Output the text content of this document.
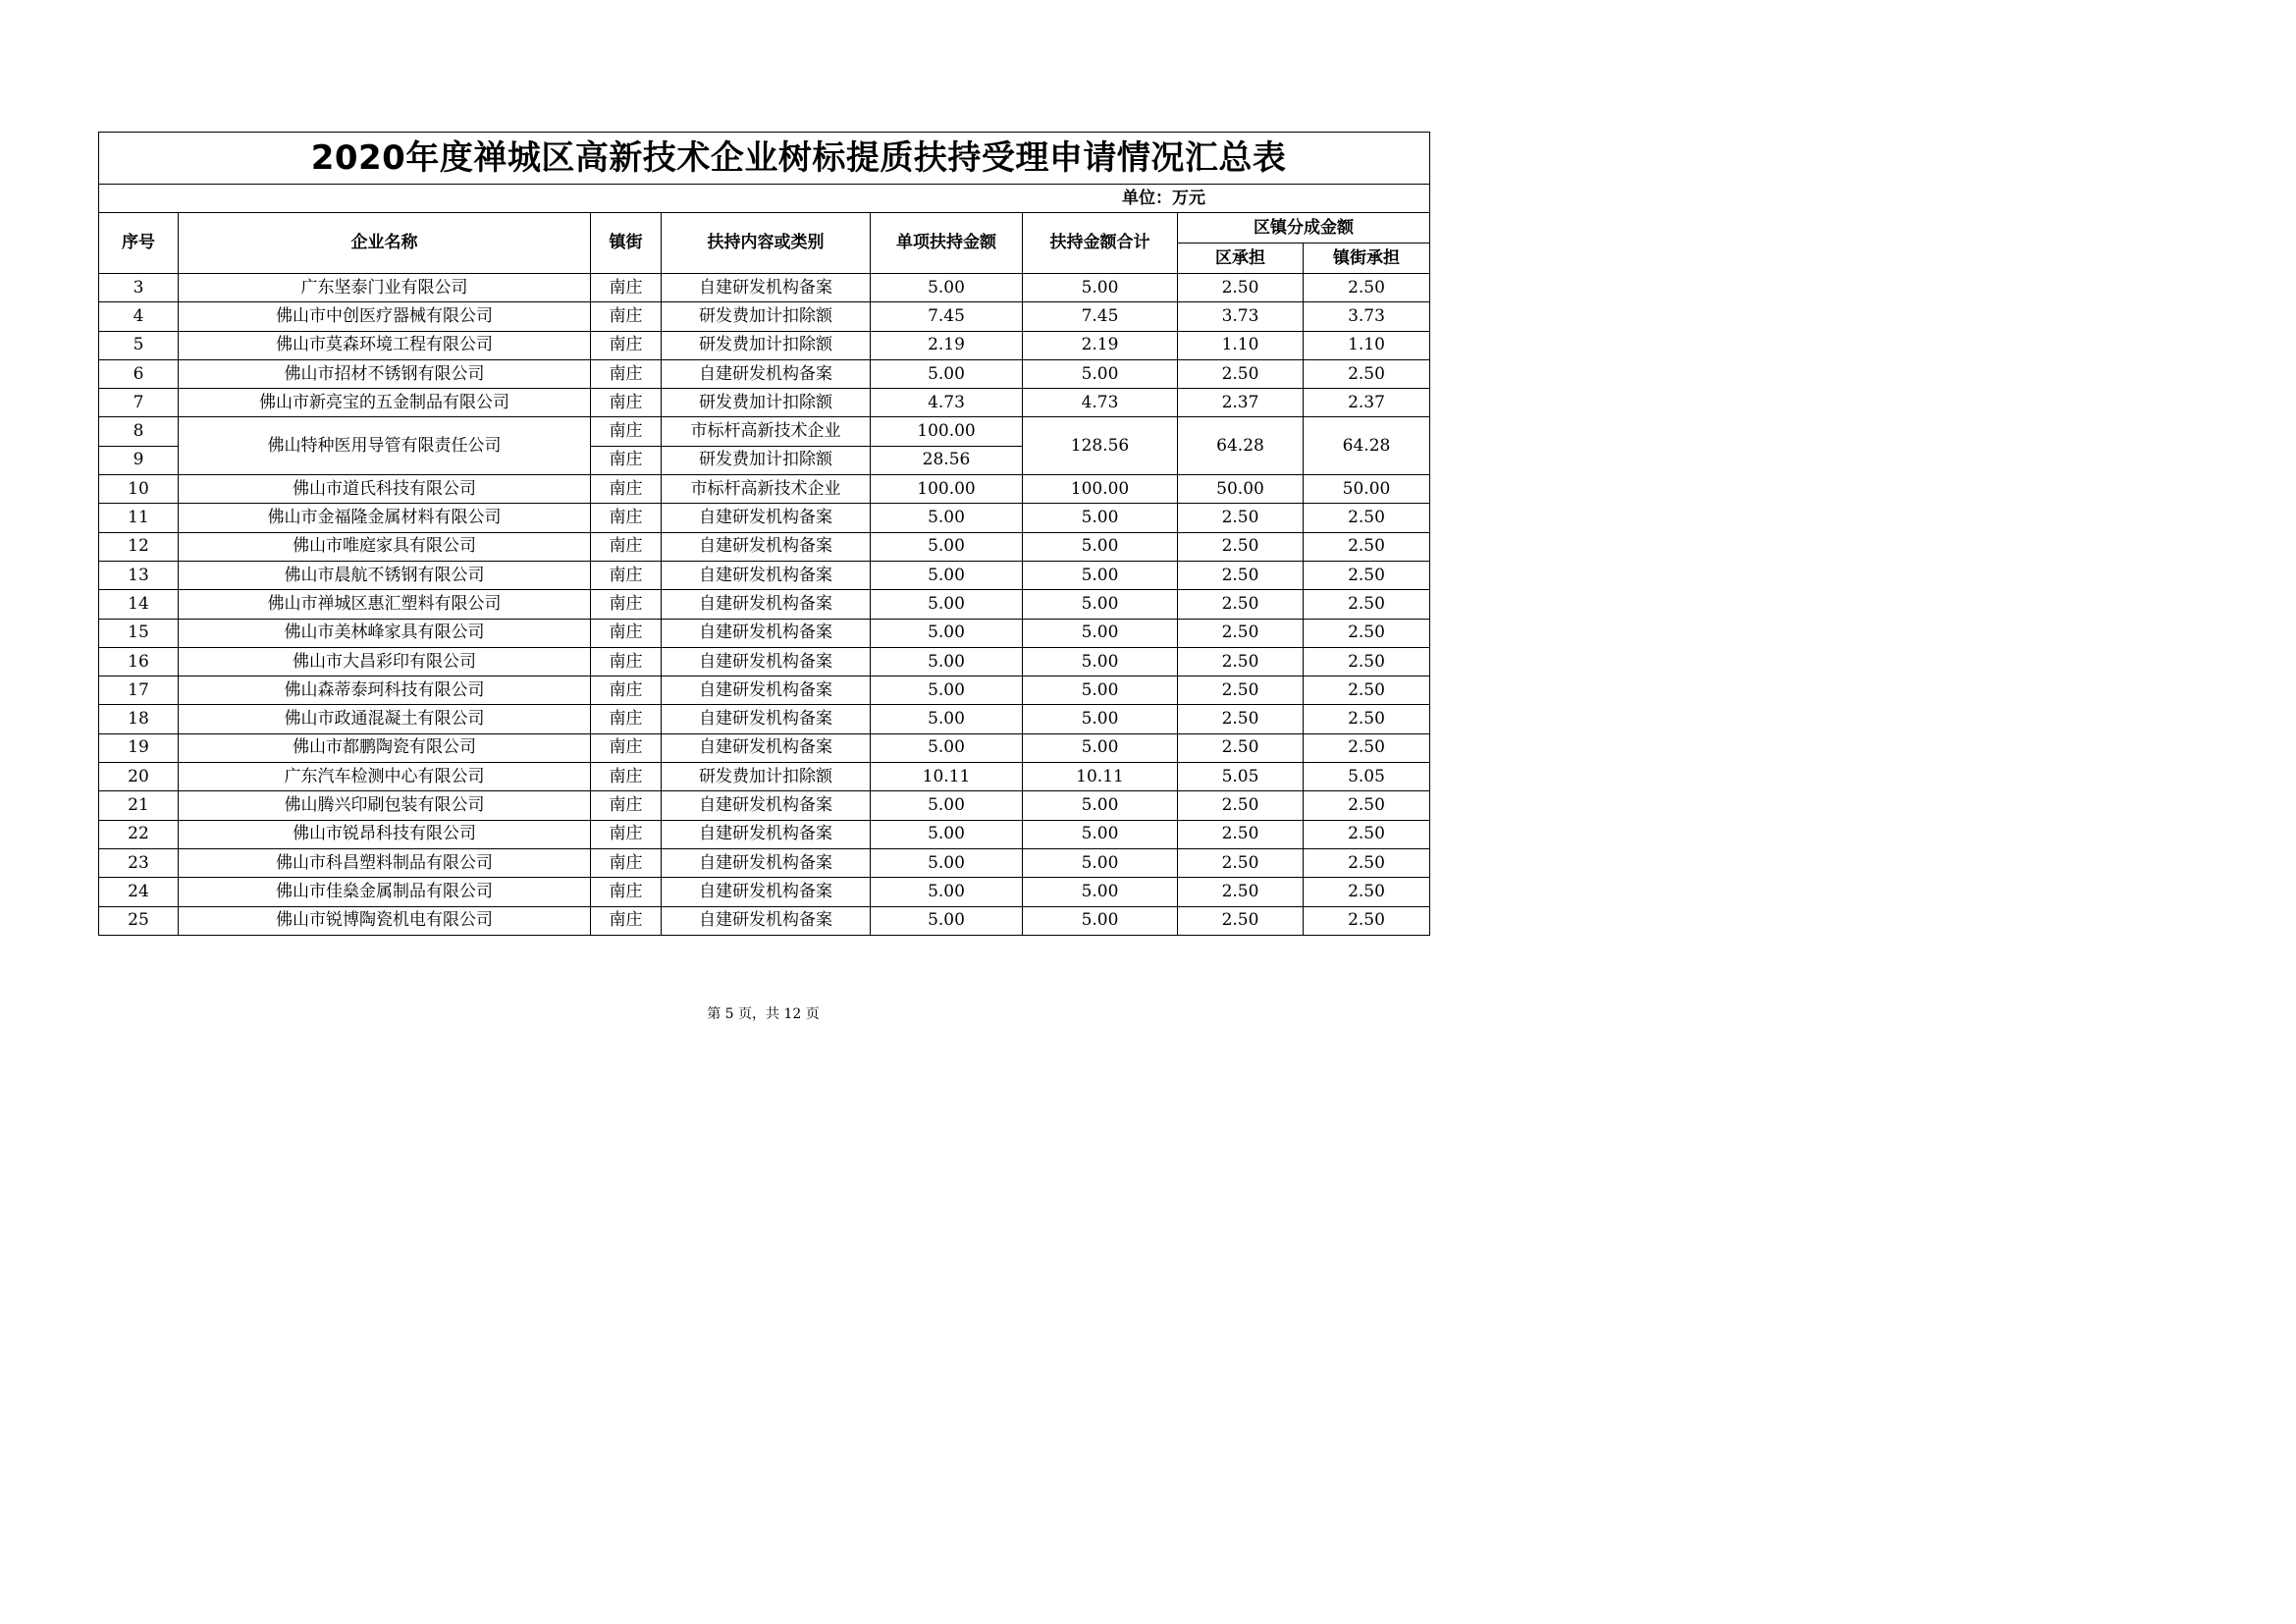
2020年度禅城区高新技术企业树标提质扶持受理申请情况汇总表							
单位：万元							
序号	企业名称	镇街	扶持内容或类别	单项扶持金额	扶持金额合计	区镇分成金额	
						区承担	镇街承担
3	广东坚泰门业有限公司	南庄	自建研发机构备案	5.00	5.00	2.50	2.50
4	佛山市中创医疗器械有限公司	南庄	研发费加计扣除额	7.45	7.45	3.73	3.73
5	佛山市莫森环境工程有限公司	南庄	研发费加计扣除额	2.19	2.19	1.10	1.10
6	佛山市招材不锈钢有限公司	南庄	自建研发机构备案	5.00	5.00	2.50	2.50
7	佛山市新亮宝的五金制品有限公司	南庄	研发费加计扣除额	4.73	4.73	2.37	2.37
8	佛山特种医用导管有限责任公司	南庄	市标杆高新技术企业	100.00	128.56	64.28	64.28
9		南庄	研发费加计扣除额	28.56			
10	佛山市道氏科技有限公司	南庄	市标杆高新技术企业	100.00	100.00	50.00	50.00
11	佛山市金福隆金属材料有限公司	南庄	自建研发机构备案	5.00	5.00	2.50	2.50
12	佛山市唯庭家具有限公司	南庄	自建研发机构备案	5.00	5.00	2.50	2.50
13	佛山市晨航不锈钢有限公司	南庄	自建研发机构备案	5.00	5.00	2.50	2.50
14	佛山市禅城区惠汇塑料有限公司	南庄	自建研发机构备案	5.00	5.00	2.50	2.50
15	佛山市美林峰家具有限公司	南庄	自建研发机构备案	5.00	5.00	2.50	2.50
16	佛山市大昌彩印有限公司	南庄	自建研发机构备案	5.00	5.00	2.50	2.50
17	佛山森蒂泰珂科技有限公司	南庄	自建研发机构备案	5.00	5.00	2.50	2.50
18	佛山市政通混凝土有限公司	南庄	自建研发机构备案	5.00	5.00	2.50	2.50
19	佛山市都鹏陶瓷有限公司	南庄	自建研发机构备案	5.00	5.00	2.50	2.50
20	广东汽车检测中心有限公司	南庄	研发费加计扣除额	10.11	10.11	5.05	5.05
21	佛山腾兴印刷包装有限公司	南庄	自建研发机构备案	5.00	5.00	2.50	2.50
22	佛山市锐昂科技有限公司	南庄	自建研发机构备案	5.00	5.00	2.50	2.50
23	佛山市科昌塑料制品有限公司	南庄	自建研发机构备案	5.00	5.00	2.50	2.50
24	佛山市佳燊金属制品有限公司	南庄	自建研发机构备案	5.00	5.00	2.50	2.50
25	佛山市锐博陶瓷机电有限公司	南庄	自建研发机构备案	5.00	5.00	2.50	2.50
第 5 页，共 12 页
